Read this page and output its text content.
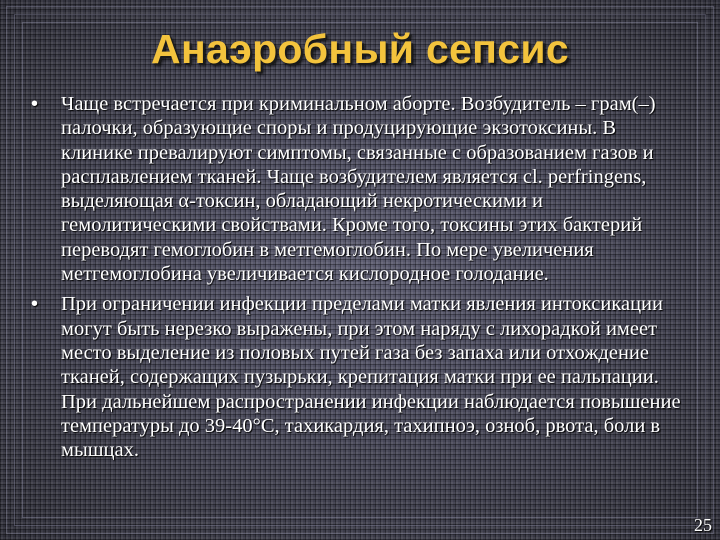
Анаэробный сепсис
• Чаще встречается при криминальном аборте. Возбудитель – грам(–) палочки, образующие споры и продуцирующие экзотоксины. В клинике превалируют симптомы, связанные с образованием газов и расплавлением тканей. Чаще возбудителем является cl. perfringens, выделяющая α-токсин, обладающий некротическими и гемолитическими свойствами. Кроме того, токсины этих бактерий переводят гемоглобин в метгемоглобин. По мере увеличения метгемоглобина увеличивается кислородное голодание.

• При ограничении инфекции пределами матки явления интоксикации могут быть нерезко выражены, при этом наряду с лихорадкой имеет место выделение из половых путей газа без запаха или отхождение тканей, содержащих пузырьки, крепитация матки при ее пальпации. При дальнейшем распространении инфекции наблюдается повышение температуры до 39-40°С, тахикардия, тахипноэ, озноб, рвота, боли в мышцах.

25
